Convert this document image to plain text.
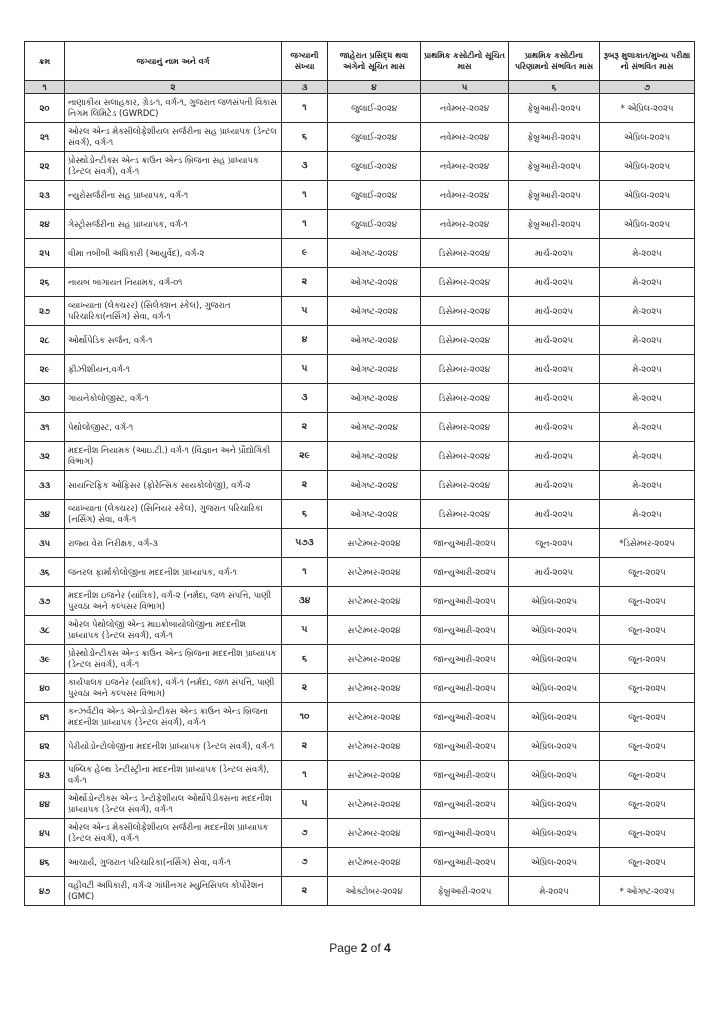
ક્રમ	જગ્યાનું નામ અને વર્ગ	જગ્યાની સંખ્યા	જાહેરાત પ્રસિદ્ધ થવા અંગેનો સૂચિત માસ	પ્રાથમિક કસોટીનો સૂચિત માસ	પ્રાથમિક કસોટીના પરિણામનો સંભવિત માસ	રૂબરૂ મુલાકાત/મુખ્ય પરીક્ષા નો સંભવિત માસ
૧	૨	૩	૪	૫	૬	૭
૨૦	નાણાકીય સલાહકાર, ગ્રેડ-૧, વર્ગ-૧, ગુજરાત જળસંપતી વિકાસ નિગમ લિમિટેડ (GWRDC)	૧	જુલાઈ-૨૦૨૪	નવેમ્બર-૨૦૨૪	ફેબ્રુઆરી-૨૦૨૫	* એપ્રિલ-૨૦૨૫
૨૧	ઓરલ એન્ડ મેક્સીલોફેશીયલ સર્જરીના સહ પ્રાધ્યાપક (ડેન્ટલ સંવર્ગ), વર્ગ-૧	૬	જુલાઈ-૨૦૨૪	નવેમ્બર-૨૦૨૪	ફેબ્રુઆરી-૨૦૨૫	એપ્રિલ-૨૦૨૫
૨૨	પ્રોસ્થોડોન્ટીક્સ એન્ડ ક્રાઉન એન્ડ બ્રિજના સહ પ્રાધ્યાપક (ડેન્ટલ સંવર્ગ), વર્ગ-૧	૩	જુલાઈ-૨૦૨૪	નવેમ્બર-૨૦૨૪	ફેબ્રુઆરી-૨૦૨૫	એપ્રિલ-૨૦૨૫
૨૩	ન્યુરોસર્જરીના સહ પ્રાધ્યાપક, વર્ગ-૧	૧	જુલાઈ-૨૦૨૪	નવેમ્બર-૨૦૨૪	ફેબ્રુઆરી-૨૦૨૫	એપ્રિલ-૨૦૨૫
૨૪	ગેસ્ટ્રોસર્જરીના સહ પ્રાધ્યાપક, વર્ગ-૧	૧	જુલાઈ-૨૦૨૪	નવેમ્બર-૨૦૨૪	ફેબ્રુઆરી-૨૦૨૫	એપ્રિલ-૨૦૨૫
૨૫	વીમા તબીબી અધિકારી (આયુર્વેદ), વર્ગ-૨	૯	ઓગષ્ટ-૨૦૨૪	ડિસેમ્બર-૨૦૨૪	માર્ચ-૨૦૨૫	મે-૨૦૨૫
૨૬	નાયબ બાગાયત નિયામક, વર્ગ-૦૧	૨	ઓગષ્ટ-૨૦૨૪	ડિસેમ્બર-૨૦૨૪	માર્ચ-૨૦૨૫	મે-૨૦૨૫
૨૭	વ્યાખ્યાતા (લેક્ચરર) (સિલેક્શન સ્કેલ), ગુજરાત પરિચારિકા(નર્સિંગ) સેવા, વર્ગ-૧	૫	ઓગષ્ટ-૨૦૨૪	ડિસેમ્બર-૨૦૨૪	માર્ચ-૨૦૨૫	મે-૨૦૨૫
૨૮	ઓર્થોપેડિક સર્જન, વર્ગ-૧	૪	ઓગષ્ટ-૨૦૨૪	ડિસેમ્બર-૨૦૨૪	માર્ચ-૨૦૨૫	મે-૨૦૨૫
૨૯	ફીઝીશીયન,વર્ગ-૧	૫	ઓગષ્ટ-૨૦૨૪	ડિસેમ્બર-૨૦૨૪	માર્ચ-૨૦૨૫	મે-૨૦૨૫
૩૦	ગાયનેકોલોજીસ્ટ, વર્ગ-૧	૩	ઓગષ્ટ-૨૦૨૪	ડિસેમ્બર-૨૦૨૪	માર્ચ-૨૦૨૫	મે-૨૦૨૫
૩૧	પેથોલોજીસ્ટ, વર્ગ-૧	૨	ઓગષ્ટ-૨૦૨૪	ડિસેમ્બર-૨૦૨૪	માર્ચ-૨૦૨૫	મે-૨૦૨૫
૩૨	મદદનીશ નિયામક (આઇ.ટી.) વર્ગ-૧ (વિજ્ઞાન અને પ્રૌદ્યોગિકી વિભાગ)	૨૯	ઓગષ્ટ-૨૦૨૪	ડિસેમ્બર-૨૦૨૪	માર્ચ-૨૦૨૫	મે-૨૦૨૫
૩૩	સાયન્ટિફિક ઓફિસર (ફોરેન્સિક સાયકોલોજી), વર્ગ-૨	૨	ઓગષ્ટ-૨૦૨૪	ડિસેમ્બર-૨૦૨૪	માર્ચ-૨૦૨૫	મે-૨૦૨૫
૩૪	વ્યાખ્યાતા (લેક્ચરર) (સિનિયર સ્કેલ), ગુજરાત પરિચારિકા (નર્સિંગ) સેવા, વર્ગ-૧	૬	ઓગષ્ટ-૨૦૨૪	ડિસેમ્બર-૨૦૨૪	માર્ચ-૨૦૨૫	મે-૨૦૨૫
૩૫	રાજ્ય વેરા નિરીક્ષક, વર્ગ-૩	૫૭૩	સપ્ટેમ્બર-૨૦૨૪	જાન્યુઆરી-૨૦૨૫	જૂન-૨૦૨૫	*ડિસેમ્બર-૨૦૨૫
૩૬	જનરલ ફાર્માકોલોજીના મદદનીશ પ્રાધ્યાપક, વર્ગ-૧	૧	સપ્ટેમ્બર-૨૦૨૪	જાન્યુઆરી-૨૦૨૫	માર્ચ-૨૦૨૫	જૂન-૨૦૨૫
૩૭	મદદનીશ ઇજનેર (યાંત્રિક), વર્ગ-૨ (નર્મદા, જળ સંપત્તિ, પાણી પુરવઠા અને કલ્પસર વિભાગ)	૩૪	સપ્ટેમ્બર-૨૦૨૪	જાન્યુઆરી-૨૦૨૫	એપ્રિલ-૨૦૨૫	જૂન-૨૦૨૫
૩૮	ઓરલ પેથોલોજી એન્ડ માઇક્રોબાયોલોજીના મદદનીશ પ્રાધ્યાપક (ડેન્ટલ સંવર્ગ), વર્ગ-૧	૫	સપ્ટેમ્બર-૨૦૨૪	જાન્યુઆરી-૨૦૨૫	એપ્રિલ-૨૦૨૫	જૂન-૨૦૨૫
૩૯	પ્રોસ્થોડોન્ટીક્સ એન્ડ ક્રાઉન એન્ડ બ્રિજના મદદનીશ પ્રાધ્યાપક (ડેન્ટલ સંવર્ગ), વર્ગ-૧	૬	સપ્ટેમ્બર-૨૦૨૪	જાન્યુઆરી-૨૦૨૫	એપ્રિલ-૨૦૨૫	જૂન-૨૦૨૫
૪૦	કાર્યપાલક ઇજનેર (યાંત્રિક), વર્ગ-૧ (નર્મદા, જળ સંપત્તિ, પાણી પુરવઠા અને કલ્પસર વિભાગ)	૨	સપ્ટેમ્બર-૨૦૨૪	જાન્યુઆરી-૨૦૨૫	એપ્રિલ-૨૦૨૫	જૂન-૨૦૨૫
૪૧	કન્ઝર્વેટીવ એન્ડ એન્ડોડોન્ટીક્સ એન્ડ ક્રાઉન એન્ડ બ્રિજના મદદનીશ પ્રાધ્યાપક (ડેન્ટલ સંવર્ગ), વર્ગ-૧	૧૦	સપ્ટેમ્બર-૨૦૨૪	જાન્યુઆરી-૨૦૨૫	એપ્રિલ-૨૦૨૫	જૂન-૨૦૨૫
૪૨	પેરીયોડોન્ટોલોજીના મદદનીશ પ્રાધ્યાપક (ડેન્ટલ સંવર્ગ), વર્ગ-૧	૨	સપ્ટેમ્બર-૨૦૨૪	જાન્યુઆરી-૨૦૨૫	એપ્રિલ-૨૦૨૫	જૂન-૨૦૨૫
૪૩	પબ્લિક હેલ્થ ડેન્ટીસ્ટ્રીના મદદનીશ પ્રાધ્યાપક (ડેન્ટલ સંવર્ગ), વર્ગ-૧	૧	સપ્ટેમ્બર-૨૦૨૪	જાન્યુઆરી-૨૦૨૫	એપ્રિલ-૨૦૨૫	જૂન-૨૦૨૫
૪૪	ઓર્થોડોન્ટીક્સ એન્ડ ડેન્ટોફેશીયલ ઓર્થોપેડીક્સના મદદનીશ પ્રાધ્યાપક (ડેન્ટલ સંવર્ગ), વર્ગ-૧	૫	સપ્ટેમ્બર-૨૦૨૪	જાન્યુઆરી-૨૦૨૫	એપ્રિલ-૨૦૨૫	જૂન-૨૦૨૫
૪૫	ઓરલ એન્ડ મેક્સીલોફેશીયલ સર્જરીના મદદનીશ પ્રાધ્યાપક (ડેન્ટલ સંવર્ગ), વર્ગ-૧	૭	સપ્ટેમ્બર-૨૦૨૪	જાન્યુઆરી-૨૦૨૫	એપ્રિલ-૨૦૨૫	જૂન-૨૦૨૫
૪૬	આચાર્ય, ગુજરાત પરિચારિકા(નર્સિંગ) સેવા, વર્ગ-૧	૭	સપ્ટેમ્બર-૨૦૨૪	જાન્યુઆરી-૨૦૨૫	એપ્રિલ-૨૦૨૫	જૂન-૨૦૨૫
૪૭	વહીવટી અધિકારી, વર્ગ-૨ ગાંધીનગર મ્યુનિસિપલ કોર્પોરેશન (GMC)	૨	ઓક્ટોબર-૨૦૨૪	ફેબ્રુઆરી-૨૦૨૫	મે-૨૦૨૫	* ઓગષ્ટ-૨૦૨૫
Page 2 of 4
